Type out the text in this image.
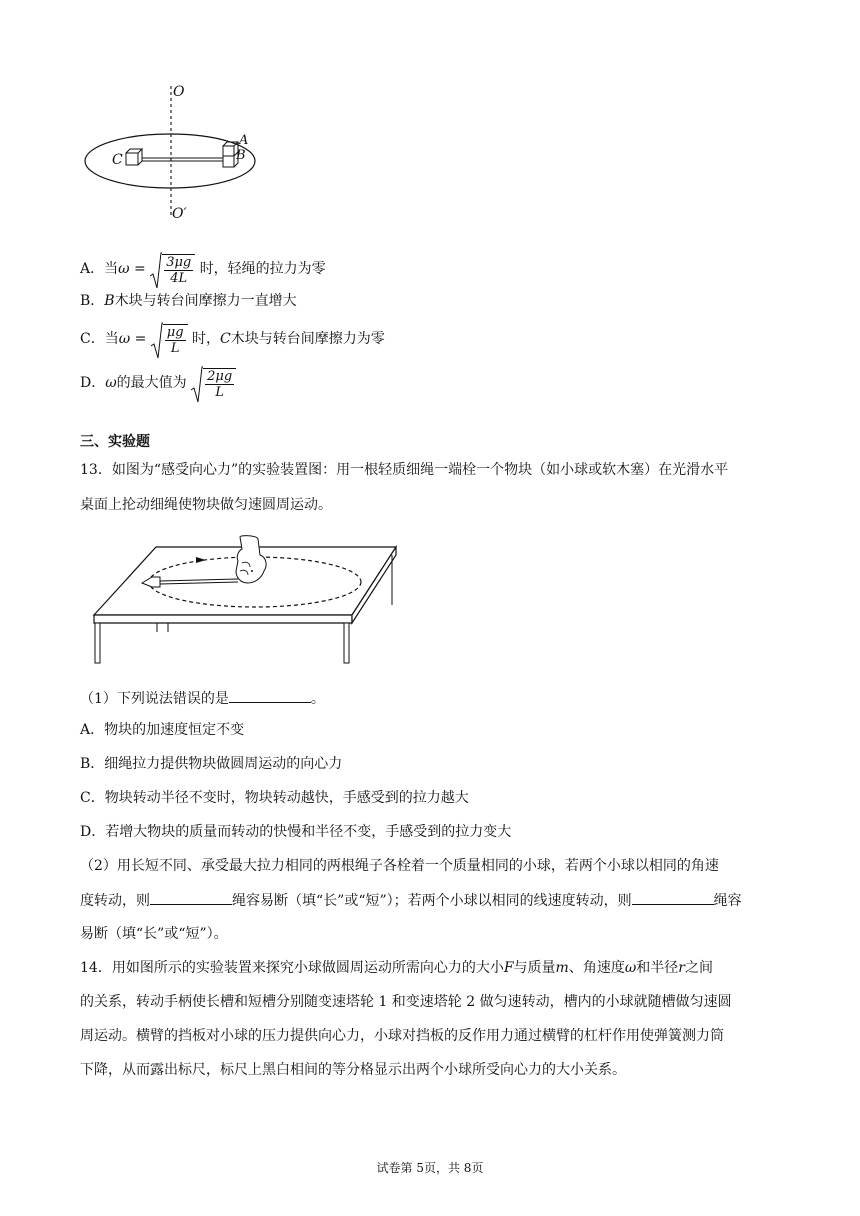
O
O′
A
B
C
A．当$\omega = \frac{3\mu g}{4L}$ 时，轻绳的拉力为零
B．B木块与转台间摩擦力一直增大
C．当$\omega = \frac{\mu g}{L}$ 时，C木块与转台间摩擦力为零
D．ω的最大值为 $\frac{2\mu g}{L}$
三、实验题
13．如图为“感受向心力”的实验装置图：用一根轻质细绳一端栓一个物块（如小球或软木塞）在光滑水平
桌面上抡动细绳使物块做匀速圆周运动。
（1）下列说法错误的是	。
A．物块的加速度恒定不变
B．细绳拉力提供物块做圆周运动的向心力
C．物块转动半径不变时，物块转动越快，手感受到的拉力越大
D．若增大物块的质量而转动的快慢和半径不变，手感受到的拉力变大
（2）用长短不同、承受最大拉力相同的两根绳子各栓着一个质量相同的小球，若两个小球以相同的角速
度转动，则	绳容易断（填“长”或“短”）；若两个小球以相同的线速度转动，则	绳容
易断（填“长”或“短”）。
14．用如图所示的实验装置来探究小球做圆周运动所需向心力的大小F与质量m、角速度ω和半径r之间
的关系，转动手柄使长槽和短槽分别随变速塔轮 1 和变速塔轮 2 做匀速转动，槽内的小球就随槽做匀速圆
周运动。横臂的挡板对小球的压力提供向心力，小球对挡板的反作用力通过横臂的杠杆作用使弹簧测力筒
下降，从而露出标尺，标尺上黑白相间的等分格显示出两个小球所受向心力的大小关系。
试卷第 5页，共 8页
